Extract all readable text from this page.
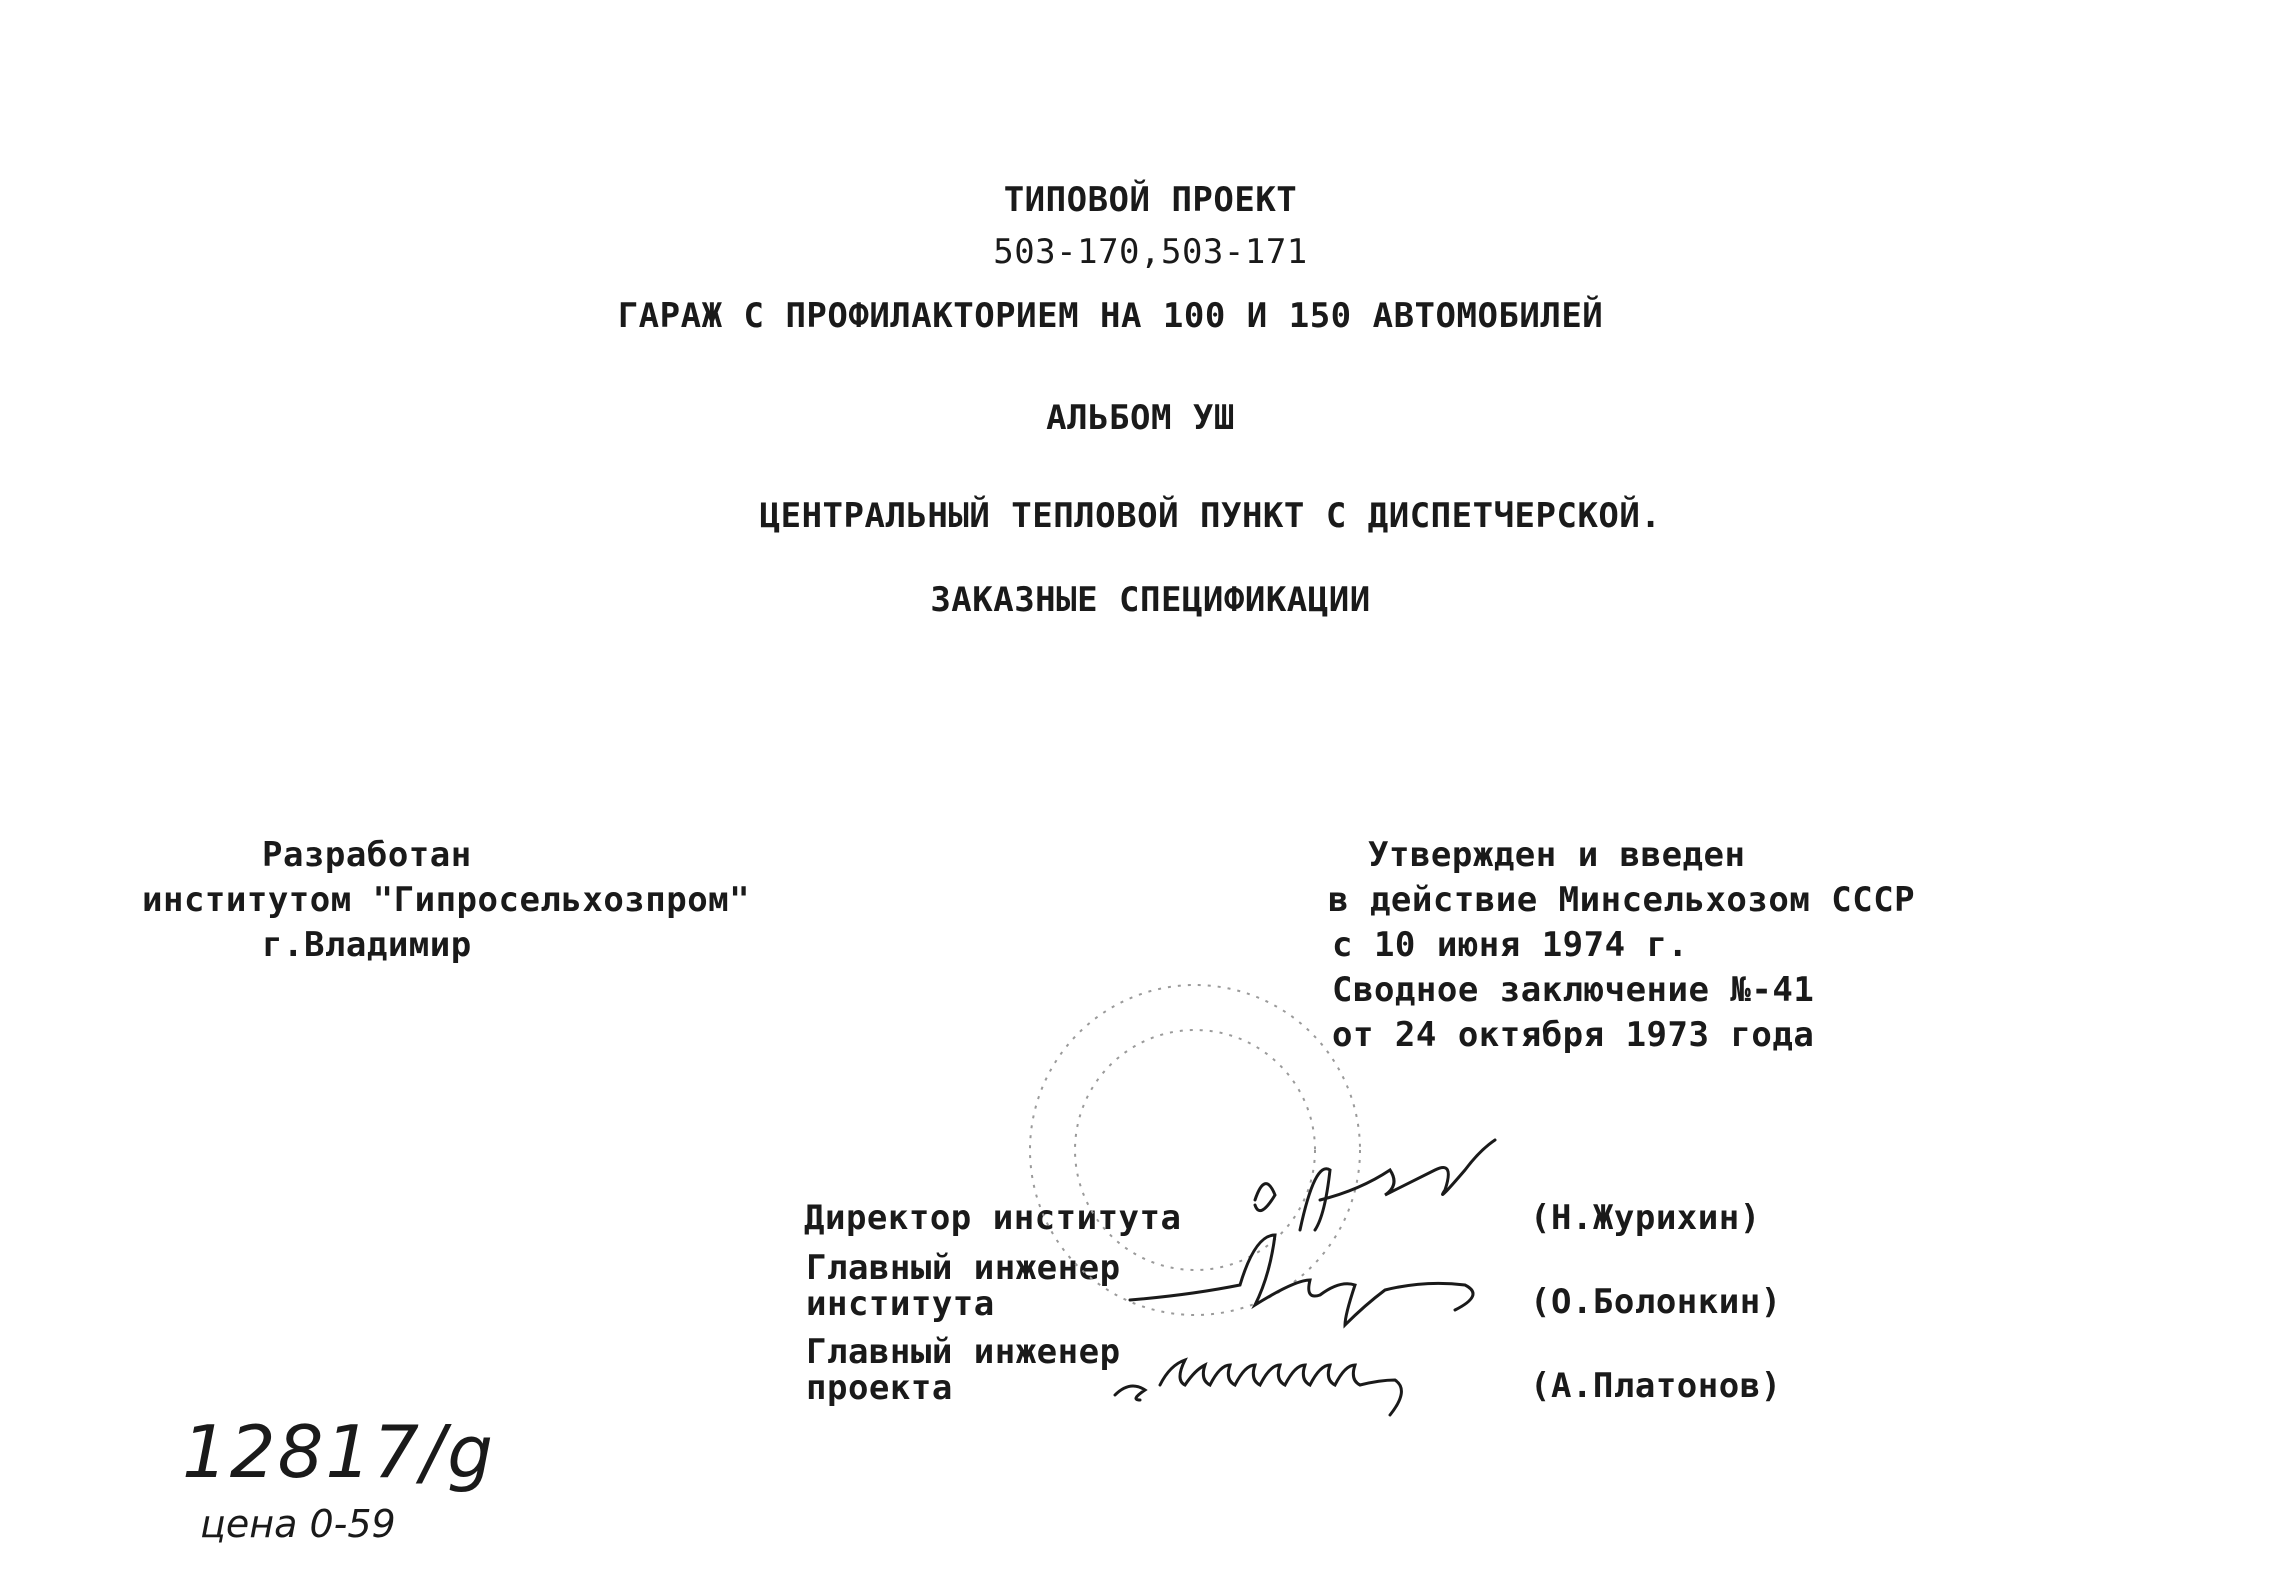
ТИПОВОЙ ПРОЕКТ
503-170,503-171
ГАРАЖ С ПРОФИЛАКТОРИЕМ НА 100 И 150 АВТОМОБИЛЕЙ
АЛЬБОМ УШ
ЦЕНТРАЛЬНЫЙ ТЕПЛОВОЙ ПУНКТ С ДИСПЕТЧЕРСКОЙ.
ЗАКАЗНЫЕ СПЕЦИФИКАЦИИ
Разработан
институтом "Гипросельхозпром"
г.Владимир
Утвержден и введен
в действие Минсельхозом СССР
с 10 июня 1974 г.
Сводное заключение №-41
от 24 октября 1973 года
Директор института	(Н.Журихин)
Главный инженер
института	(О.Болонкин)
Главный инженер
проекта	(А.Платонов)
12817/g
цена 0-59
